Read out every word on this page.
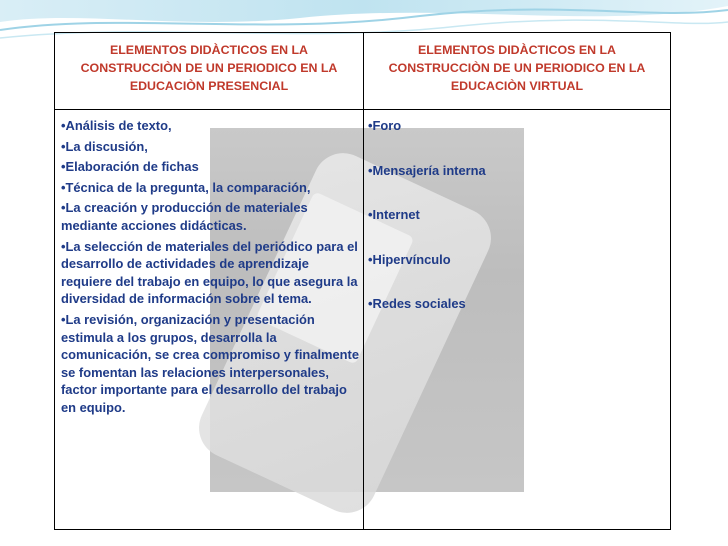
ELEMENTOS DIDÀCTICOS EN LA CONSTRUCCIÒN DE UN PERIODICO EN LA EDUCACIÒN PRESENCIAL
ELEMENTOS DIDÀCTICOS EN LA CONSTRUCCIÒN DE UN PERIODICO EN LA EDUCACIÒN VIRTUAL
•Análisis de texto,
•La discusión,
•Elaboración de fichas
•Técnica de la pregunta, la comparación,
•La creación y producción de materiales mediante acciones didácticas.
•La selección de materiales del periódico para el desarrollo de actividades de aprendizaje requiere del trabajo en equipo, lo que asegura la diversidad de información sobre el tema.
•La revisión, organización y presentación estimula a los grupos, desarrolla la comunicación, se crea compromiso y finalmente se fomentan las relaciones interpersonales, factor importante para el desarrollo del trabajo en equipo.
•Foro
•Mensajería interna
•Internet
•Hipervínculo
•Redes sociales
